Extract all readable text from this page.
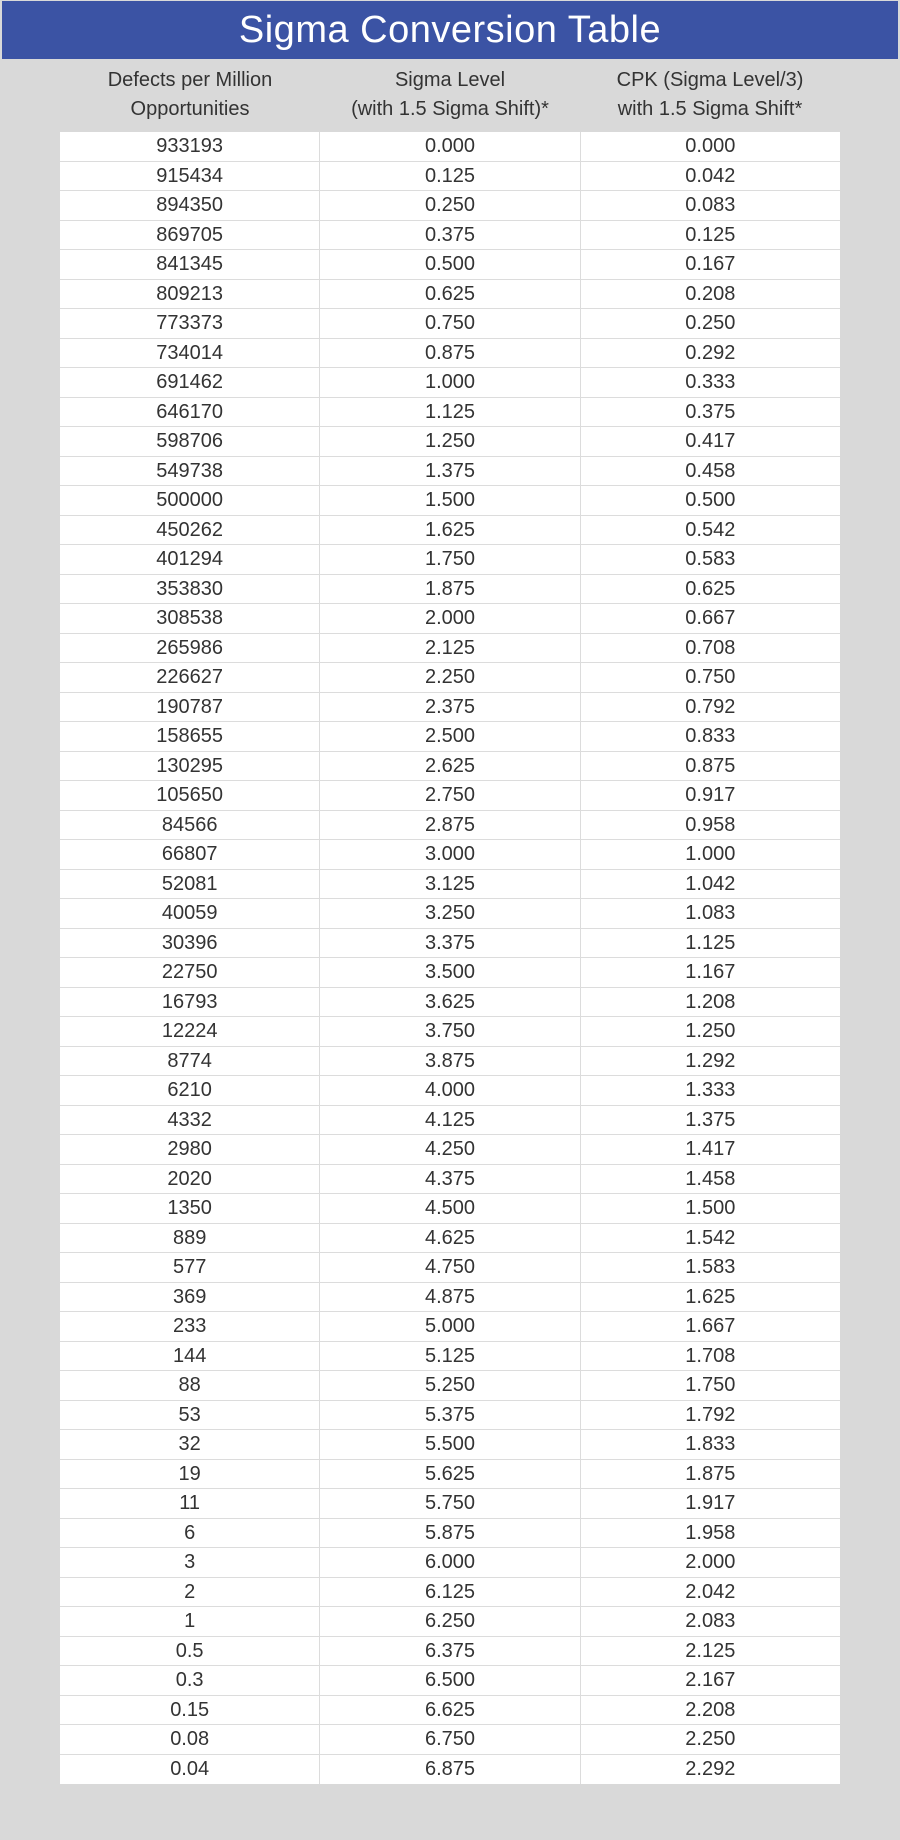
Sigma Conversion Table
Defects per Million
Opportunities
Sigma Level
(with 1.5 Sigma Shift)*
CPK (Sigma Level/3)
with 1.5 Sigma Shift*
933193	0.000	0.000
915434	0.125	0.042
894350	0.250	0.083
869705	0.375	0.125
841345	0.500	0.167
809213	0.625	0.208
773373	0.750	0.250
734014	0.875	0.292
691462	1.000	0.333
646170	1.125	0.375
598706	1.250	0.417
549738	1.375	0.458
500000	1.500	0.500
450262	1.625	0.542
401294	1.750	0.583
353830	1.875	0.625
308538	2.000	0.667
265986	2.125	0.708
226627	2.250	0.750
190787	2.375	0.792
158655	2.500	0.833
130295	2.625	0.875
105650	2.750	0.917
84566	2.875	0.958
66807	3.000	1.000
52081	3.125	1.042
40059	3.250	1.083
30396	3.375	1.125
22750	3.500	1.167
16793	3.625	1.208
12224	3.750	1.250
8774	3.875	1.292
6210	4.000	1.333
4332	4.125	1.375
2980	4.250	1.417
2020	4.375	1.458
1350	4.500	1.500
889	4.625	1.542
577	4.750	1.583
369	4.875	1.625
233	5.000	1.667
144	5.125	1.708
88	5.250	1.750
53	5.375	1.792
32	5.500	1.833
19	5.625	1.875
11	5.750	1.917
6	5.875	1.958
3	6.000	2.000
2	6.125	2.042
1	6.250	2.083
0.5	6.375	2.125
0.3	6.500	2.167
0.15	6.625	2.208
0.08	6.750	2.250
0.04	6.875	2.292
